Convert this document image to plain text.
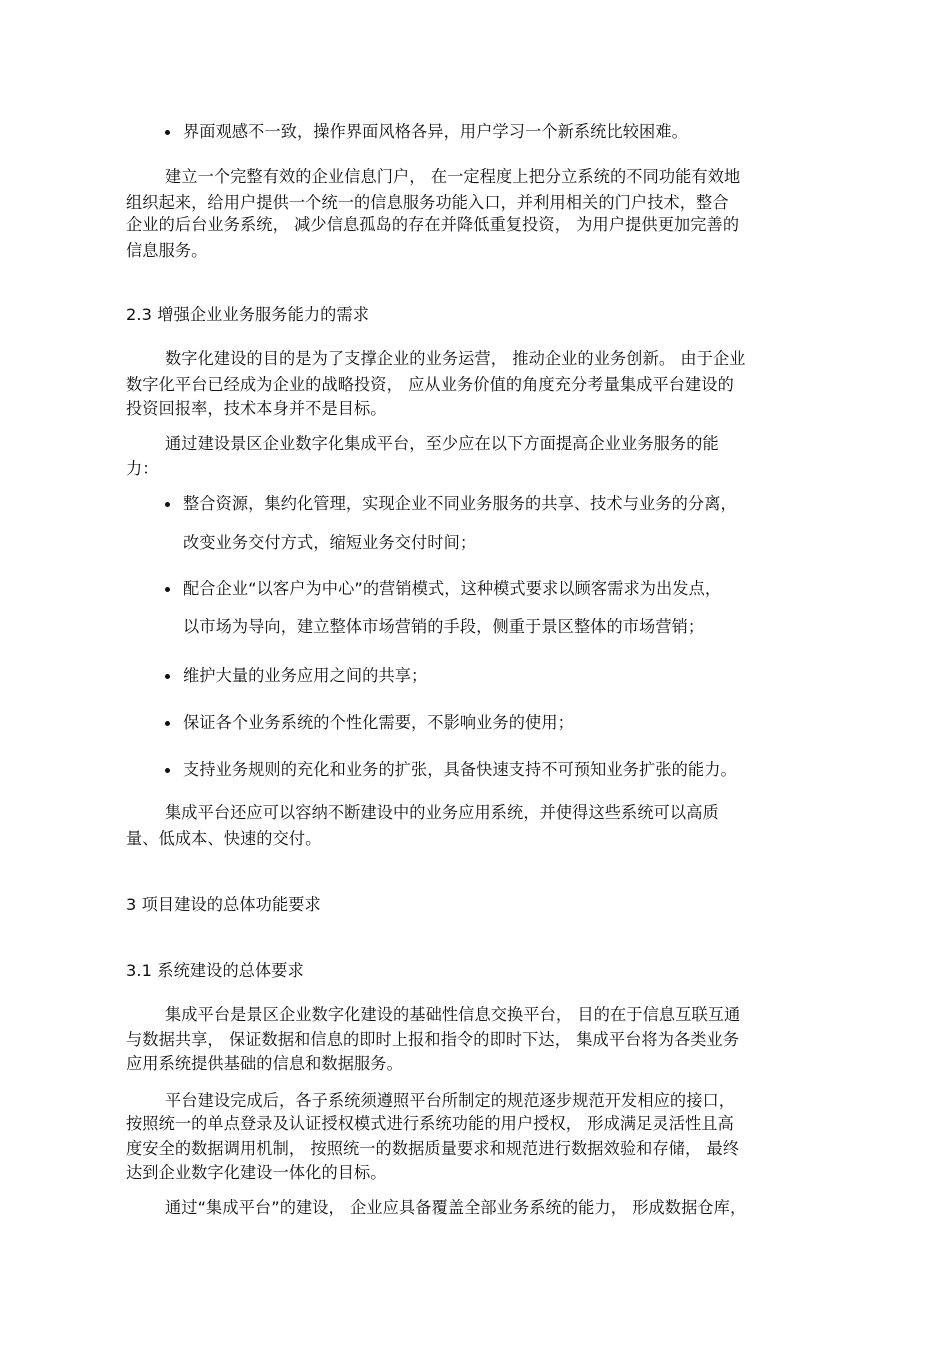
界面观感不一致，操作界面风格各异，用户学习一个新系统比较困难。
建立一个完整有效的企业信息门户， 在一定程度上把分立系统的不同功能有效地
组织起来，给用户提供一个统一的信息服务功能入口，并利用相关的门户技术，整合
企业的后台业务系统， 减少信息孤岛的存在并降低重复投资， 为用户提供更加完善的
信息服务。
2.3 增强企业业务服务能力的需求
数字化建设的目的是为了支撑企业的业务运营， 推动企业的业务创新。 由于企业
数字化平台已经成为企业的战略投资， 应从业务价值的角度充分考量集成平台建设的
投资回报率，技术本身并不是目标。
通过建设景区企业数字化集成平台，至少应在以下方面提高企业业务服务的能
力：
整合资源，集约化管理，实现企业不同业务服务的共享、技术与业务的分离，
改变业务交付方式，缩短业务交付时间；
配合企业“以客户为中心”的营销模式，这种模式要求以顾客需求为出发点，
以市场为导向，建立整体市场营销的手段，侧重于景区整体的市场营销；
维护大量的业务应用之间的共享；
保证各个业务系统的个性化需要，不影响业务的使用；
支持业务规则的充化和业务的扩张，具备快速支持不可预知业务扩张的能力。
集成平台还应可以容纳不断建设中的业务应用系统，并使得这些系统可以高质
量、低成本、快速的交付。
3 项目建设的总体功能要求
3.1 系统建设的总体要求
集成平台是景区企业数字化建设的基础性信息交换平台， 目的在于信息互联互通
与数据共享， 保证数据和信息的即时上报和指令的即时下达， 集成平台将为各类业务
应用系统提供基础的信息和数据服务。
平台建设完成后，各子系统须遵照平台所制定的规范逐步规范开发相应的接口，
按照统一的单点登录及认证授权模式进行系统功能的用户授权， 形成满足灵活性且高
度安全的数据调用机制， 按照统一的数据质量要求和规范进行数据效验和存储， 最终
达到企业数字化建设一体化的目标。
通过“集成平台”的建设， 企业应具备覆盖全部业务系统的能力， 形成数据仓库，
